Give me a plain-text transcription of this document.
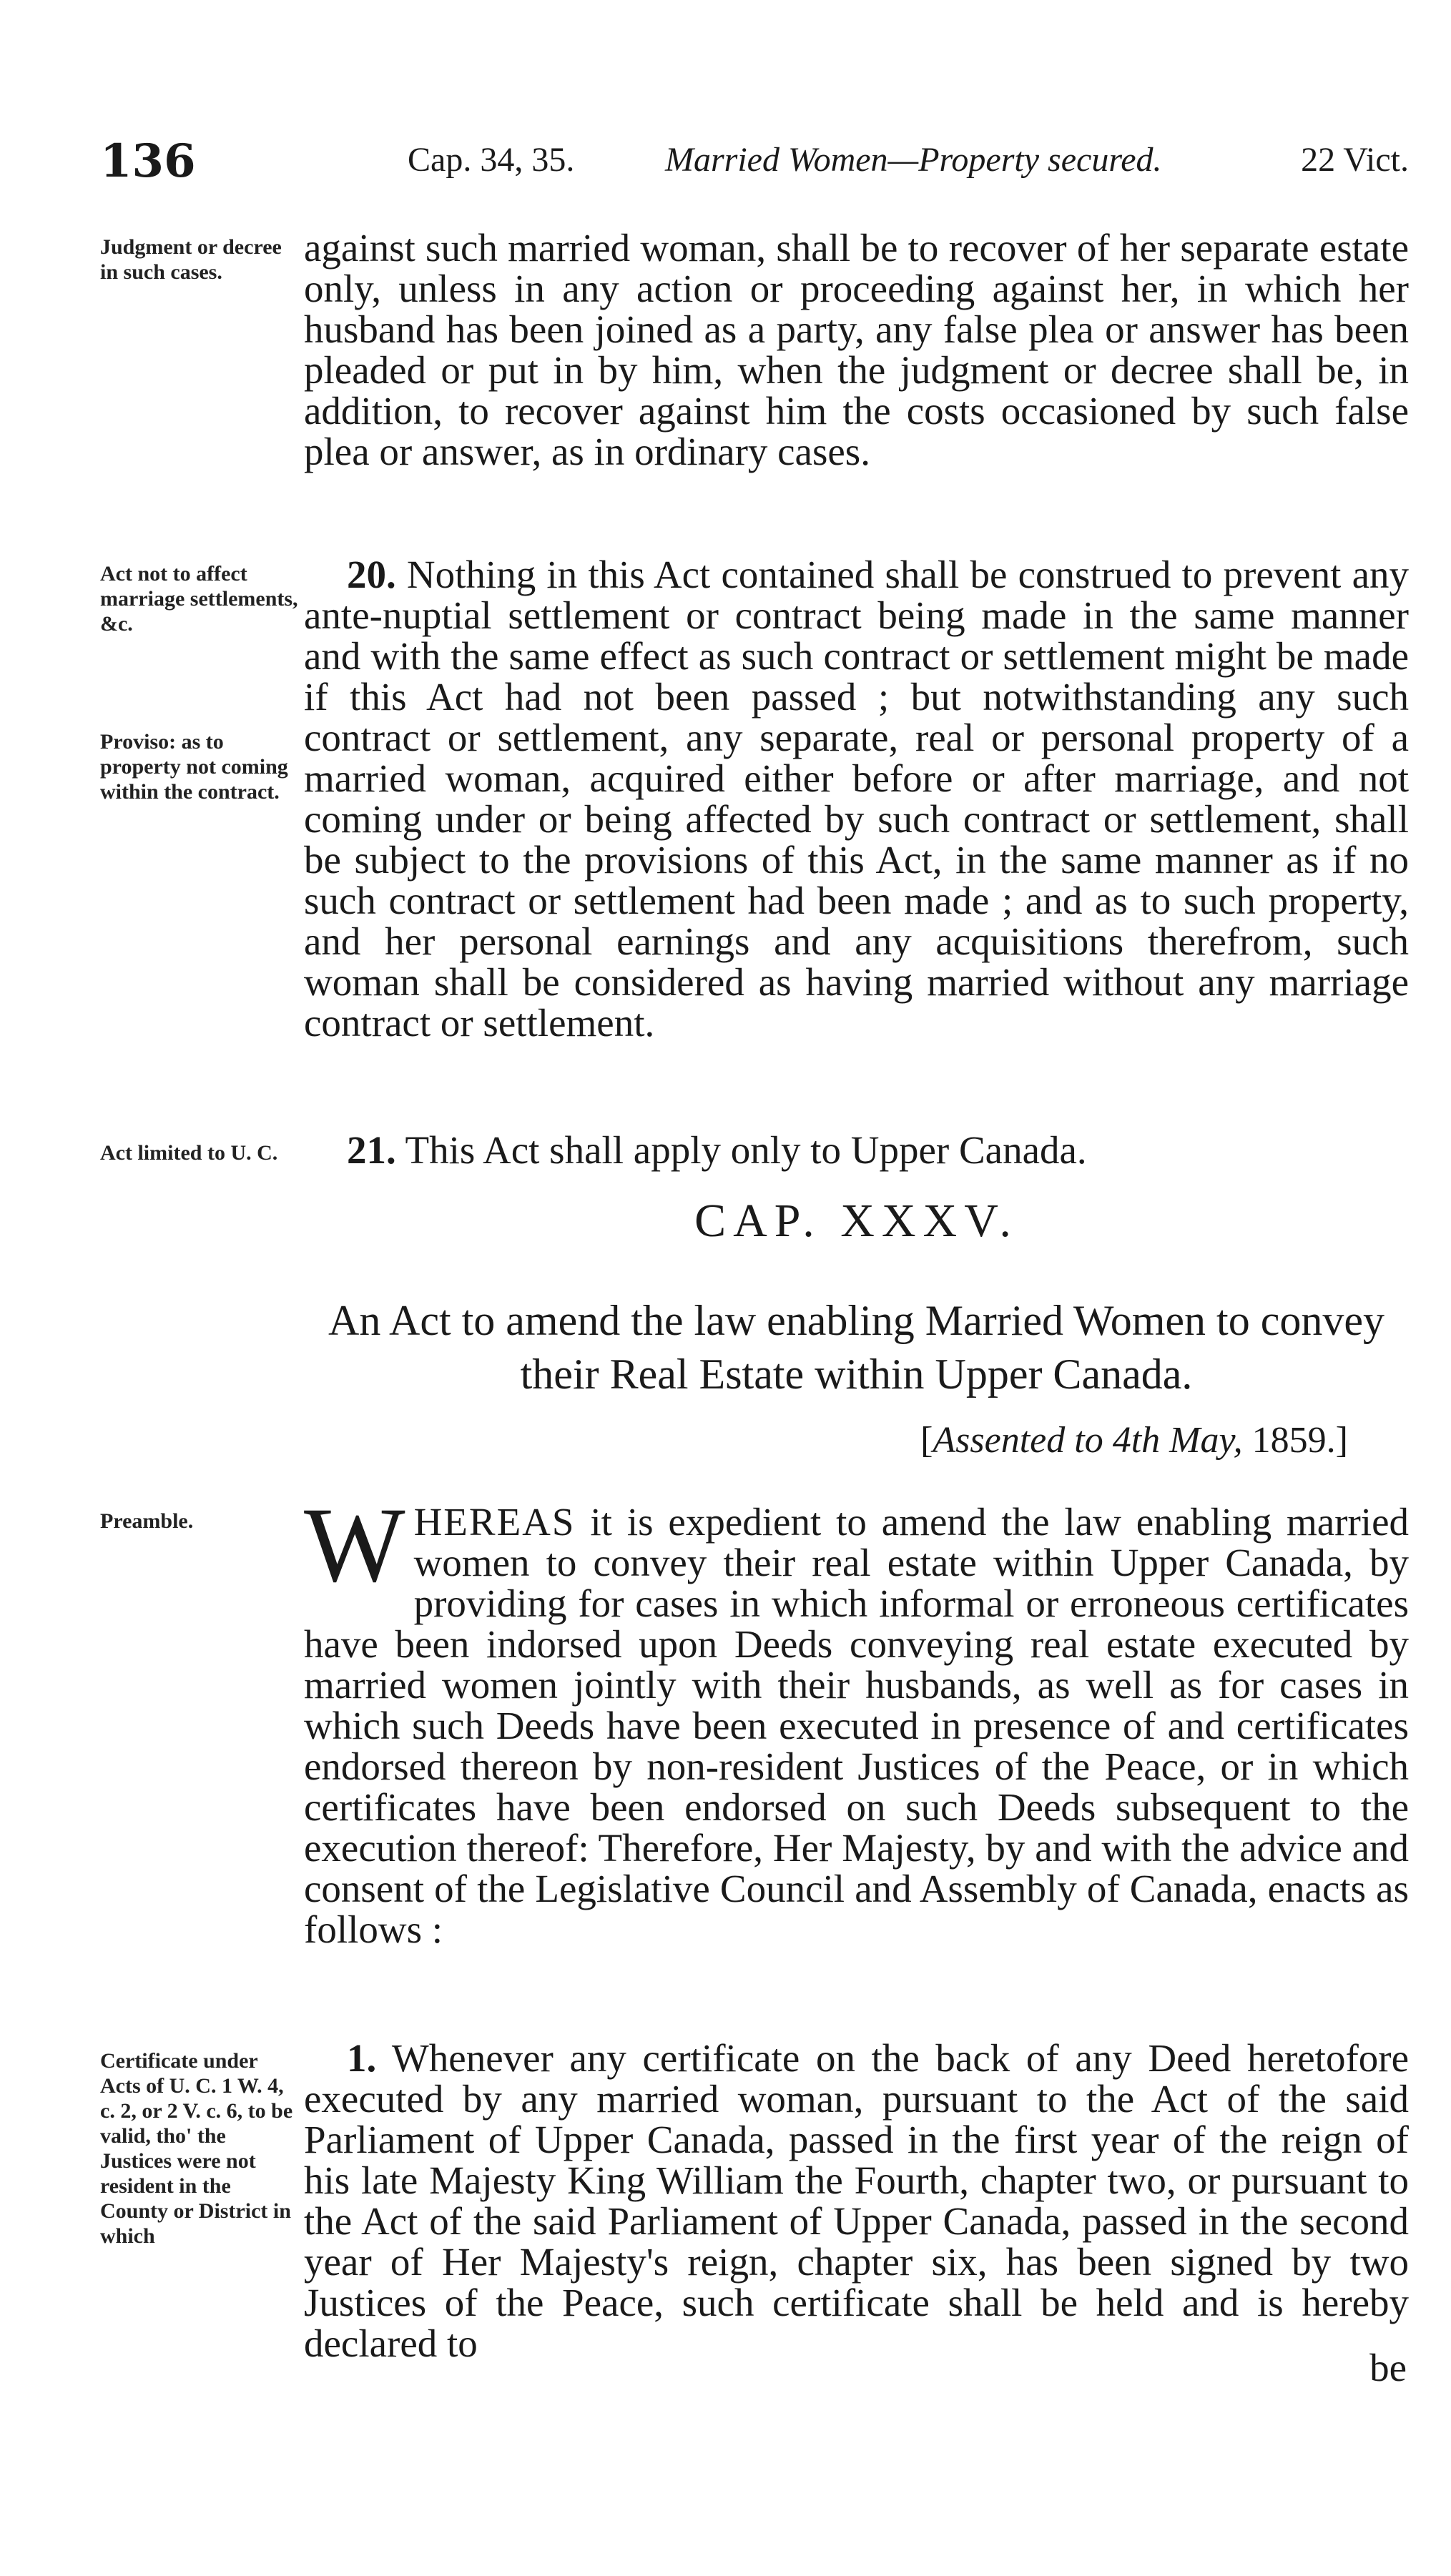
136	Cap. 34, 35.	Married Women—Property secured.	22 Vict.
Judgment or decree in such cases.
against such married woman, shall be to recover of her separate estate only, unless in any action or proceeding against her, in which her husband has been joined as a party, any false plea or answer has been pleaded or put in by him, when the judgment or decree shall be, in addition, to recover against him the costs occasioned by such false plea or answer, as in ordinary cases.
Act not to affect marriage settlements, &c.
Proviso: as to property not coming within the contract.
20. Nothing in this Act contained shall be construed to prevent any ante-nuptial settlement or contract being made in the same manner and with the same effect as such contract or settlement might be made if this Act had not been passed ; but notwithstanding any such contract or settlement, any separate, real or personal property of a married woman, acquired either before or after marriage, and not coming under or being affected by such contract or settlement, shall be subject to the provisions of this Act, in the same manner as if no such contract or settlement had been made ; and as to such property, and her personal earnings and any acquisitions therefrom, such woman shall be considered as having married without any marriage contract or settlement.
Act limited to U. C.	21. This Act shall apply only to Upper Canada.
CAP. XXXV.
An Act to amend the law enabling Married Women to convey their Real Estate within Upper Canada.
[Assented to 4th May, 1859.]
Preamble.	W HEREAS it is expedient to amend the law enabling married women to convey their real estate within Upper Canada, by providing for cases in which informal or erroneous certificates have been indorsed upon Deeds conveying real estate executed by married women jointly with their husbands, as well as for cases in which such Deeds have been executed in presence of and certificates endorsed thereon by non-resident Justices of the Peace, or in which certificates have been endorsed on such Deeds subsequent to the execution thereof: Therefore, Her Majesty, by and with the advice and consent of the Legislative Council and Assembly of Canada, enacts as follows :
Certificate under Acts of U. C. 1 W. 4, c. 2, or 2 V. c. 6, to be valid, tho' the Justices were not resident in the County or District in which
1. Whenever any certificate on the back of any Deed heretofore executed by any married woman, pursuant to the Act of the said Parliament of Upper Canada, passed in the first year of the reign of his late Majesty King William the Fourth, chapter two, or pursuant to the Act of the said Parliament of Upper Canada, passed in the second year of Her Majesty's reign, chapter six, has been signed by two Justices of the Peace, such certificate shall be held and is hereby declared to
be
